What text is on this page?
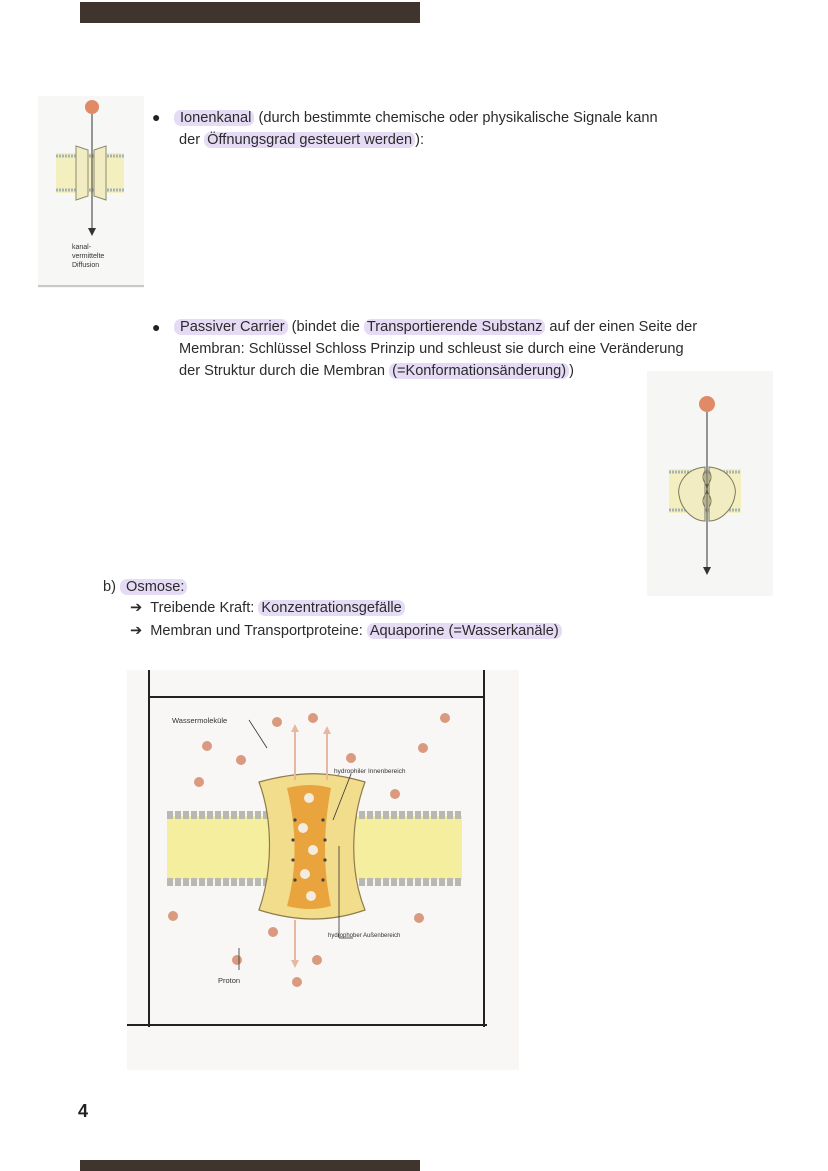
kanal-
vermittelte
Diffusion
●	Ionenkanal (durch bestimmte chemische oder physikalische Signale kann
der Öffnungsgrad gesteuert werden ):
●	Passiver Carrier (bindet die Transportierende Substanz auf der einen Seite der
Membran: Schlüssel Schloss Prinzip und schleust sie durch eine Veränderung
der Struktur durch die Membran (=Konformationsänderung) )
b) Osmose:
➔ Treibende Kraft: Konzentrationsgefälle
➔ Membran und Transportproteine: Aquaporine (=Wasserkanäle)
Wassermoleküle
hydrophiler Innenbereich
hydrophober Außenbereich
Proton
4
